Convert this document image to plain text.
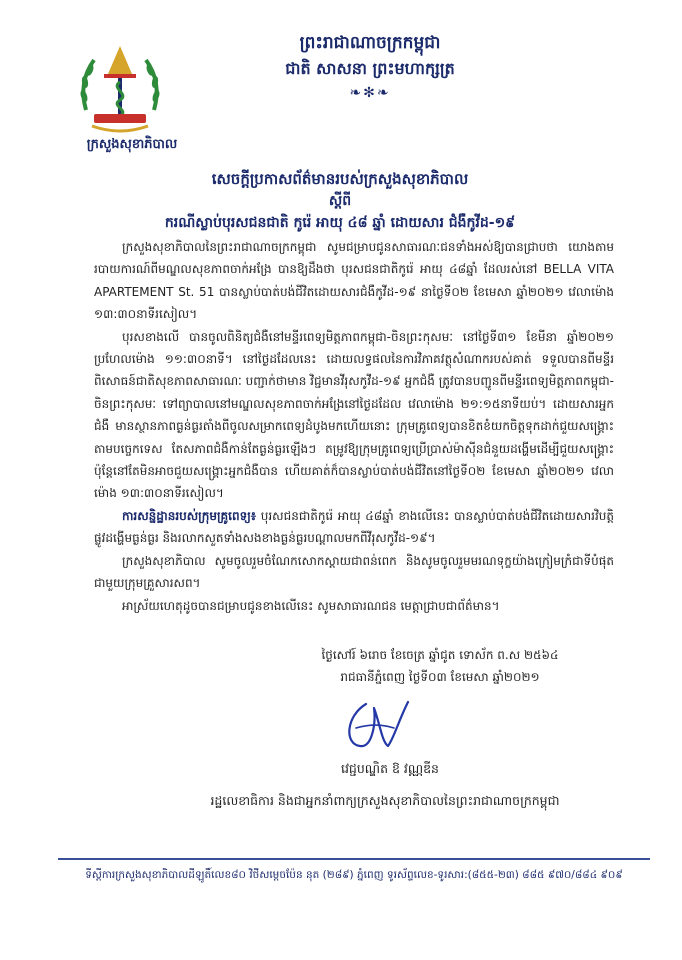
ក្រសួងសុខាភិបាល
ព្រះរាជាណាចក្រកម្ពុជា
ជាតិ សាសនា ព្រះមហាក្សត្រ
❧✻❧
សេចក្តីប្រកាសព័ត៌មានរបស់ក្រសួងសុខាភិបាល
ស្តីពី
ករណីស្លាប់បុរសជនជាតិ កូរ៉េ អាយុ ៤៨ ឆ្នាំ ដោយសារ ជំងឺកូវីដ-១៩

ក្រសួងសុខាភិបាលនៃព្រះរាជាណាចក្រកម្ពុជា សូមជម្រាបជូនសាធារណៈជនទាំងអស់ឱ្យបានជ្រាបថា យោងតាមរបាយការណ៍ពីមណ្ឌលសុខភាពចាក់អង្រែ បានឱ្យដឹងថា បុរសជនជាតិកូរ៉េ អាយុ ៤៨ឆ្នាំ ដែលរស់នៅ BELLA VITA APARTEMENT St. 51 បានស្លាប់បាត់បង់ជីវិតដោយសារជំងឺកូវីដ-១៩ នាថ្ងៃទី០២ ខែមេសា ឆ្នាំ២០២១ វេលាម៉ោង ១៣:៣០នាទីរសៀល។

បុរសខាងលើ បានចូលពិនិត្យជំងឺនៅមន្ទីរពេទ្យមិត្តភាពកម្ពុជា-ចិនព្រះកុសមៈ នៅថ្ងៃទី៣១ ខែមីនា ឆ្នាំ២០២១ ប្រហែលម៉ោង ១១:៣០នាទី។ នៅថ្ងៃដដែលនេះ ដោយលទ្ធផលនៃការវិភាគវត្ថុសំណាករបស់គាត់ ទទួលបានពីមន្ទីរពិសោធន៍ជាតិសុខភាពសាធារណៈ បញ្ជាក់ថាមាន វិជ្ជមានវីរុសកូវីដ-១៩ អ្នកជំងឺ ត្រូវបានបញ្ជូនពីមន្ទីរពេទ្យមិត្តភាពកម្ពុជា-ចិនព្រះកុសមៈ ទៅព្យាបាលនៅមណ្ឌលសុខភាពចាក់អង្រែនៅថ្ងៃដដែល វេលាម៉ោង ២១:១៥នាទីយប់។ ដោយសារអ្នកជំងឺ មានស្ថានភាពធ្ងន់ធ្ងរតាំងពីចូលសម្រាកពេទ្យដំបូងមកហើយនោះ ក្រុមគ្រូពេទ្យបានខិតខំយកចិត្តទុកដាក់ជួយសង្គ្រោះតាមបច្ចេកទេស តែសភាពជំងឺកាន់តែធ្ងន់ធ្ងរឡើងៗ តម្រូវឱ្យក្រុមគ្រូពេទ្យប្រើប្រាស់ម៉ាស៊ីនជំនួយដង្ហើមដើម្បីជួយសង្គ្រោះ ប៉ុន្តែនៅតែមិនអាចជួយសង្គ្រោះអ្នកជំងឺបាន ហើយគាត់ក៏បានស្លាប់បាត់បង់ជីវិតនៅថ្ងៃទី០២ ខែមេសា ឆ្នាំ២០២១ វេលាម៉ោង ១៣:៣០នាទីរសៀល។

ការសន្និដ្ឋានរបស់ក្រុមគ្រូពេទ្យ៖ បុរសជនជាតិកូរ៉េ អាយុ ៤៨ឆ្នាំ ខាងលើនេះ បានស្លាប់បាត់បង់ជីវិតដោយសារវិបត្តិផ្លូវដង្ហើមធ្ងន់ធ្ងរ និងរលាកសួតទាំងសងខាងធ្ងន់ធ្ងរបណ្តាលមកពីវីរុសកូវីដ-១៩។

ក្រសួងសុខាភិបាល សូមចូលរួមចំណែកសោកស្តាយជាពន់ពេក និងសូមចូលរួមមរណទុក្ខយ៉ាងក្រៀមក្រំជាទីបំផុតជាមួយក្រុមគ្រួសារសព។

អាស្រ័យហេតុដូចបានជម្រាបជូនខាងលើនេះ សូមសាធារណជន មេត្តាជ្រាបជាព័ត៌មាន។

ថ្ងៃសៅរ៍ ៦រោច ខែចេត្រ ឆ្នាំជូត ទោស័ក ព.ស ២៥៦៤
រាជធានីភ្នំពេញ ថ្ងៃទី០៣ ខែមេសា ឆ្នាំ២០២១
វេជ្ជបណ្ឌិត ឱ វណ្ណឌីន
រដ្ឋលេខាធិការ និងជាអ្នកនាំពាក្យក្រសួងសុខាភិបាលនៃព្រះរាជាណាចក្រកម្ពុជា
ទីស្តីការក្រសួងសុខាភិបាលដីឡូតិ៍លេខ៨០ វិថីសម្តេចប៉ែន នុត (២៨៩) ភ្នំពេញ ទូរស័ព្ទលេខ-ទូរសារ:(៨៥៥-២៣) ៨៨៥ ៩៧០/៨៨៤ ៩០៩
